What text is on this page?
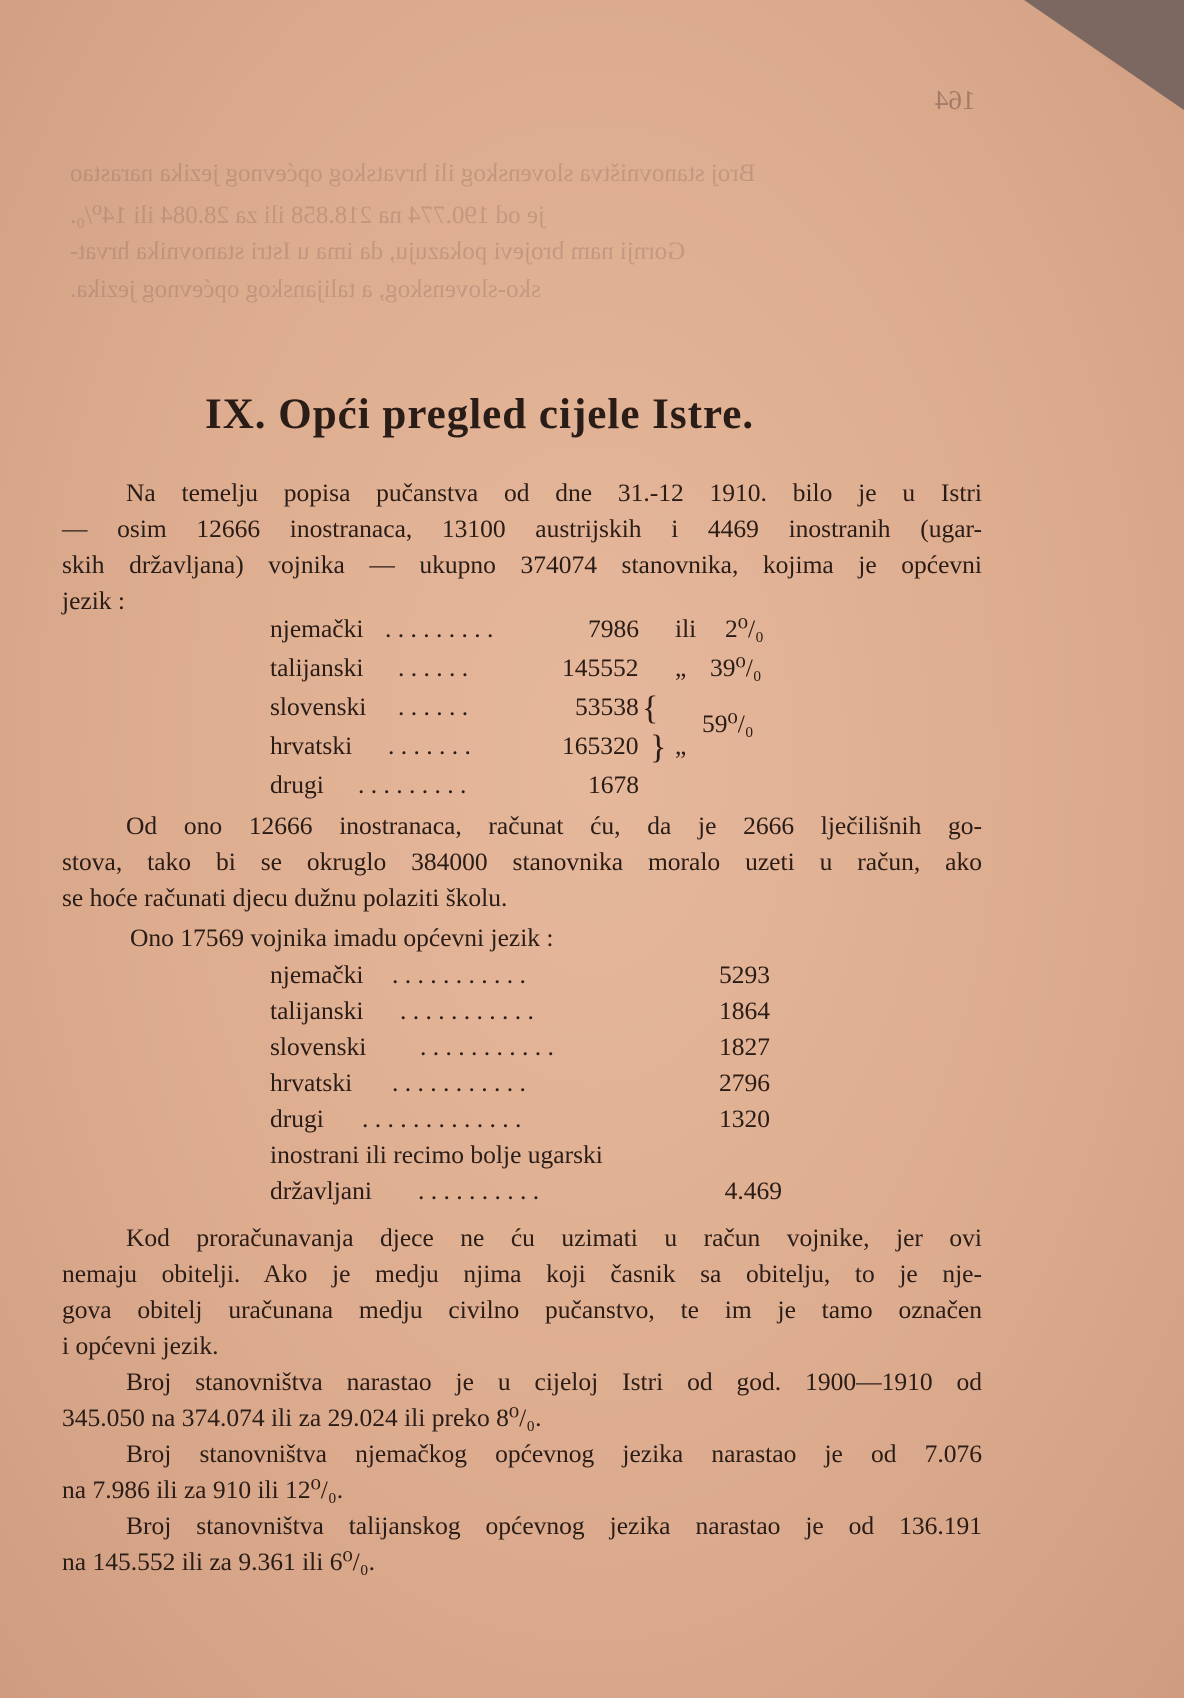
Broj stanovništva slovenskog ili hrvatskog općevnog jezika narastao
je od 190.774 na 218.858 ili za 28.084 ili 14⁰/₀.
Gornji nam brojevi pokazuju, da ima u Istri stanovnika hrvat-
sko-slovenskog, a talijanskog općevnog jezika.
164
IX. Opći pregled cijele Istre.
Na temelju popisa pučanstva od dne 31.-12 1910. bilo je u Istri
— osim 12666 inostranaca, 13100 austrijskih i 4469 inostranih (ugar-
skih državljana) vojnika — ukupno 374074 stanovnika, kojima je općevni
jezik :
njemački . . . . . . . . .	7986 ili 2⁰/₀
talijanski . . . . . .	145552 „ 39⁰/₀
slovenski . . . . . .	53538 {
hrvatski . . . . . . .	165320 } „
59⁰/₀
drugi . . . . . . . . .	1678
Od ono 12666 inostranaca, računat ću, da je 2666 lječilišnih go-
stova, tako bi se okruglo 384000 stanovnika moralo uzeti u račun, ako
se hoće računati djecu dužnu polaziti školu.
Ono 17569 vojnika imadu općevni jezik :
njemački . . . . . . . . . . .	5293
talijanski . . . . . . . . . . .	1864
slovenski . . . . . . . . . . .	1827
hrvatski . . . . . . . . . . .	2796
drugi . . . . . . . . . . . . .	1320
inostrani ili recimo bolje ugarski
državljani . . . . . . . . . .	4.469
Kod proračunavanja djece ne ću uzimati u račun vojnike, jer ovi
nemaju obitelji. Ako je medju njima koji časnik sa obitelju, to je nje-
gova obitelj uračunana medju civilno pučanstvo, te im je tamo označen
i općevni jezik.
Broj stanovništva narastao je u cijeloj Istri od god. 1900—1910 od
345.050 na 374.074 ili za 29.024 ili preko 8⁰/₀.
Broj stanovništva njemačkog općevnog jezika narastao je od 7.076
na 7.986 ili za 910 ili 12⁰/₀.
Broj stanovništva talijanskog općevnog jezika narastao je od 136.191
na 145.552 ili za 9.361 ili 6⁰/₀.
